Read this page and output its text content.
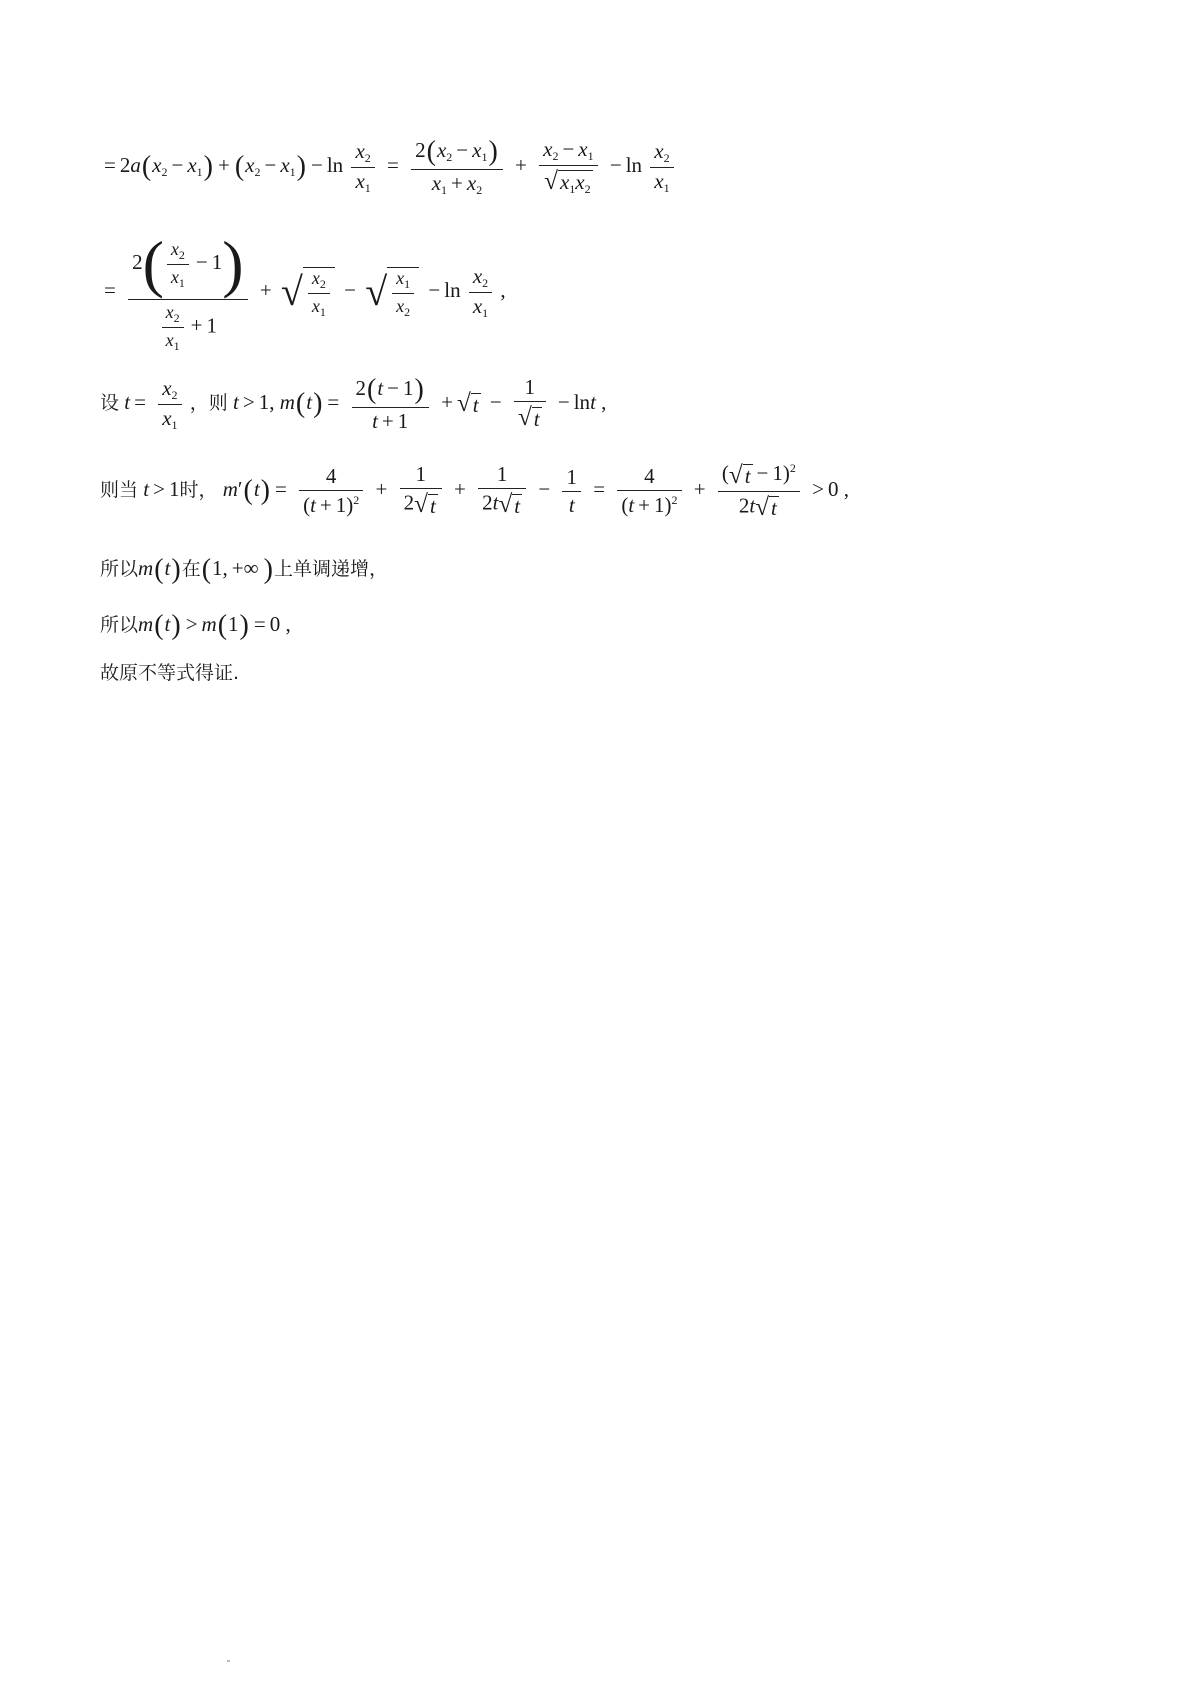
= $2a(x_2 - x_1) + (x_2 - x_1) - \ln \frac{x_2}{x_1} = \frac{2(x_2 - x_1)}{x_1 + x_2} + \frac{x_2 - x_1}{√x_1x_2} - \ln \frac{x_2}{x_1}$
= $\frac{2( \frac{x_2}{x_1} - 1)}{\frac{x_2}{x_1} + 1}$ + √ $\frac{x_2}{x_1}$ − √ $\frac{x_1}{x_2} - \ln \frac{x_2}{x_1}$ ,
设 $t = \frac{x_2}{x_1}$ ，则 t > 1, $m(t) = \frac{2(t - 1)}{t + 1} + √t - \frac{1}{√t} - \ln t$ ,
则当 t > 1时， $m'(t) = \frac{4}{(t + 1)^2} + \frac{1}{2√t} + \frac{1}{2t√t} - \frac{1}{t} = \frac{4}{(t + 1)^2} + \frac{(√t - 1)^2}{2t√t} > 0$ ,
所以m(t)在(1, +∞ )上单调递增，
所以m(t) > m(1) = 0 ,
故原不等式得证.
